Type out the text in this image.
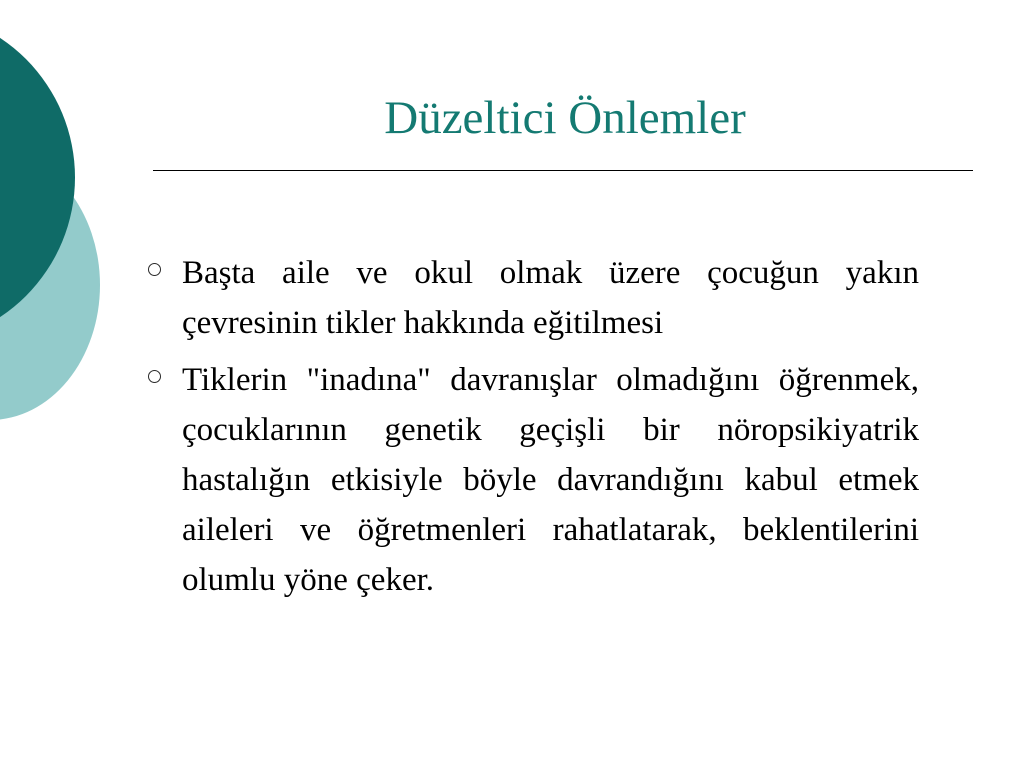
Düzeltici Önlemler
Başta aile ve okul olmak üzere çocuğun yakın çevresinin tikler hakkında eğitilmesi
Tiklerin "inadına" davranışlar olmadığını öğrenmek, çocuklarının genetik geçişli bir nöropsikiyatrik hastalığın etkisiyle böyle davrandığını kabul etmek aileleri ve öğretmenleri rahatlatarak, beklentilerini olumlu yöne çeker.
